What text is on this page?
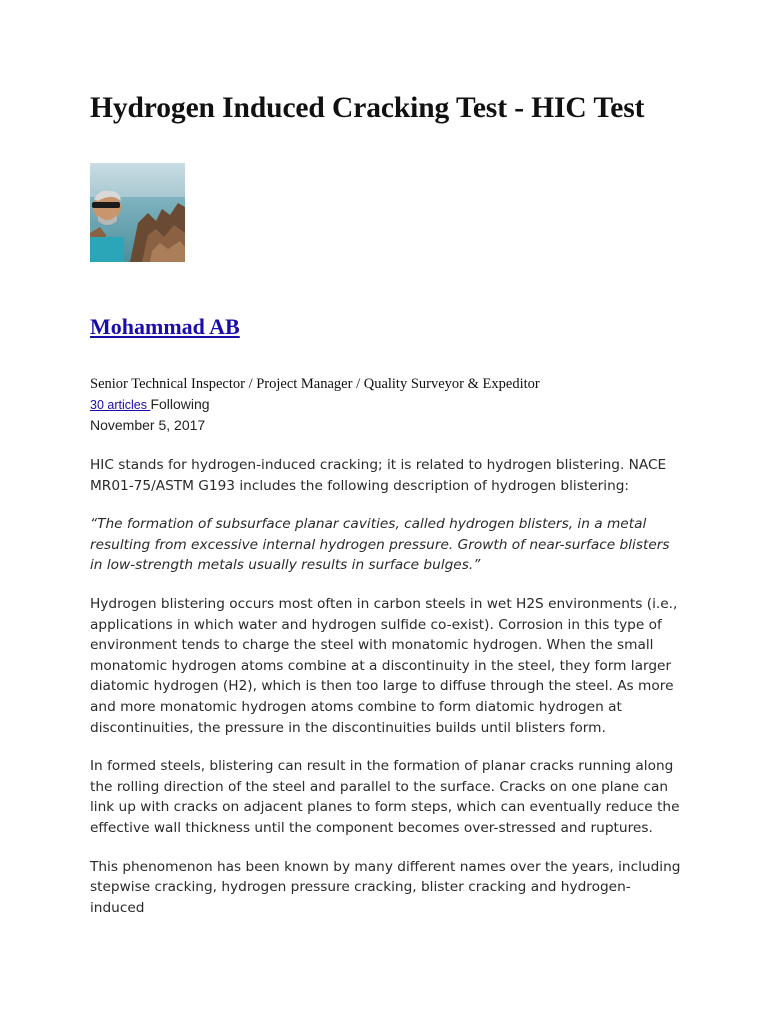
Hydrogen Induced Cracking Test - HIC Test
Mohammad AB
Senior Technical Inspector / Project Manager / Quality Surveyor & Expeditor
30 articles Following
November 5, 2017

HIC stands for hydrogen-induced cracking; it is related to hydrogen blistering. NACE MR01-75/ASTM G193 includes the following description of hydrogen blistering:

“The formation of subsurface planar cavities, called hydrogen blisters, in a metal resulting from excessive internal hydrogen pressure. Growth of near-surface blisters in low-strength metals usually results in surface bulges.”

Hydrogen blistering occurs most often in carbon steels in wet H2S environments (i.e., applications in which water and hydrogen sulfide co-exist). Corrosion in this type of environment tends to charge the steel with monatomic hydrogen. When the small monatomic hydrogen atoms combine at a discontinuity in the steel, they form larger diatomic hydrogen (H2), which is then too large to diffuse through the steel. As more and more monatomic hydrogen atoms combine to form diatomic hydrogen at discontinuities, the pressure in the discontinuities builds until blisters form.

In formed steels, blistering can result in the formation of planar cracks running along the rolling direction of the steel and parallel to the surface. Cracks on one plane can link up with cracks on adjacent planes to form steps, which can eventually reduce the effective wall thickness until the component becomes over-stressed and ruptures.

This phenomenon has been known by many different names over the years, including stepwise cracking, hydrogen pressure cracking, blister cracking and hydrogen-induced
